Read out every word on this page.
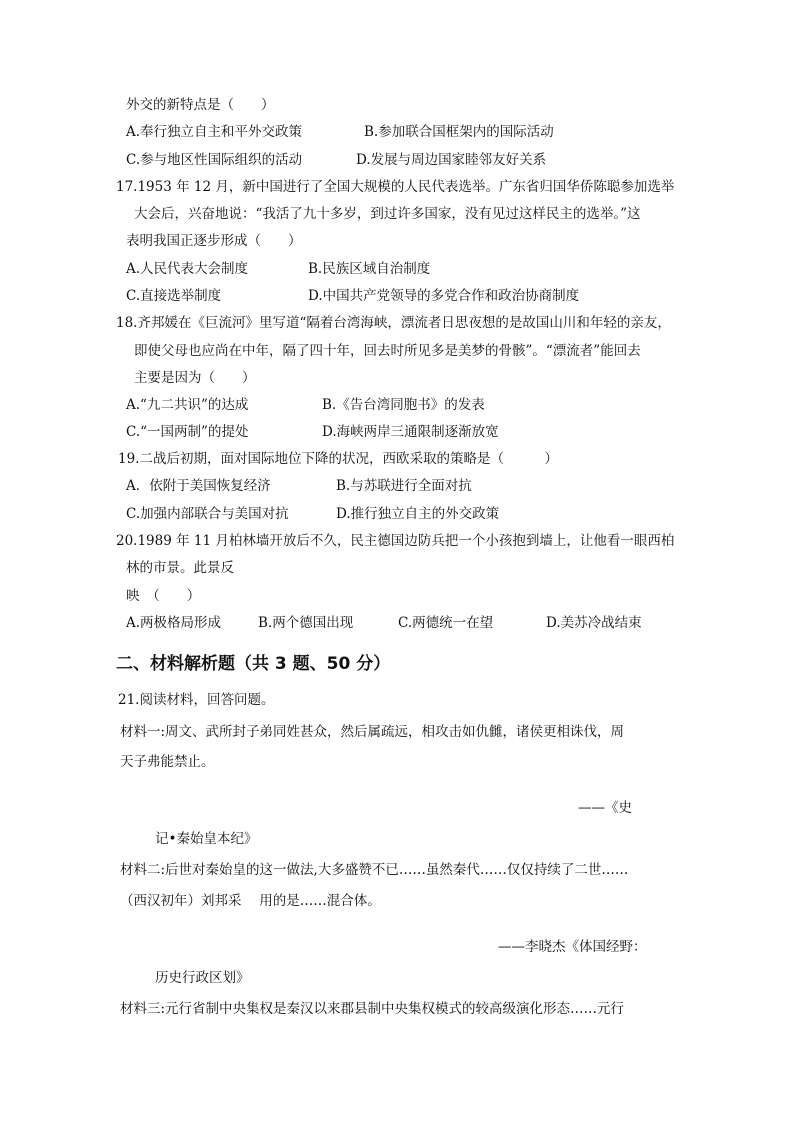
外交的新特点是（　　）
A.奉行独立自主和平外交政策	B.参加联合国框架内的国际活动
C.参与地区性国际组织的活动	D.发展与周边国家睦邻友好关系
17.1953 年 12 月，新中国进行了全国大规模的人民代表选举。广东省归国华侨陈聪参加选举
大会后，兴奋地说：“我活了九十多岁，到过许多国家，没有见过这样民主的选举。”这
表明我国正逐步形成（　　）
A.人民代表大会制度	B.民族区域自治制度
C.直接选举制度	D.中国共产党领导的多党合作和政治协商制度
18.齐邦媛在《巨流河》里写道“隔着台湾海峡，漂流者日思夜想的是故国山川和年轻的亲友，
即使父母也应尚在中年，隔了四十年，回去时所见多是美梦的骨骸”。“漂流者”能回去
主要是因为（　　）
A.“九二共识”的达成	B.《告台湾同胞书》的发表
C.“一国两制”的提处	D.海峡两岸三通限制逐渐放宽
19.二战后初期，面对国际地位下降的状况，西欧采取的策略是（　　　）
A．依附于美国恢复经济	B.与苏联进行全面对抗
C.加强内部联合与美国对抗	D.推行独立自主的外交政策
20.1989 年 11 月柏林墙开放后不久，民主德国边防兵把一个小孩抱到墙上，让他看一眼西柏
林的市景。此景反
映　（　　）
A.两极格局形成	B.两个德国出现	C.两德统一在望	D.美苏冷战结束
二、材料解析题（共 3 题、50 分）
21.阅读材料，回答问题。
材料一:周文、武所封子弟同姓甚众，然后属疏远，相攻击如仇雠，诸侯更相诛伐，周
天子弗能禁止。
——《史
记•秦始皇本纪》
材料二:后世对秦始皇的这一做法,大多盛赞不已……虽然秦代……仅仅持续了二世……
（西汉初年）刘邦采　 用的是……混合体。
——李晓杰《体国经野：
历史行政区划》
材料三:元行省制中央集权是秦汉以来郡县制中央集权模式的较高级演化形态……元行
